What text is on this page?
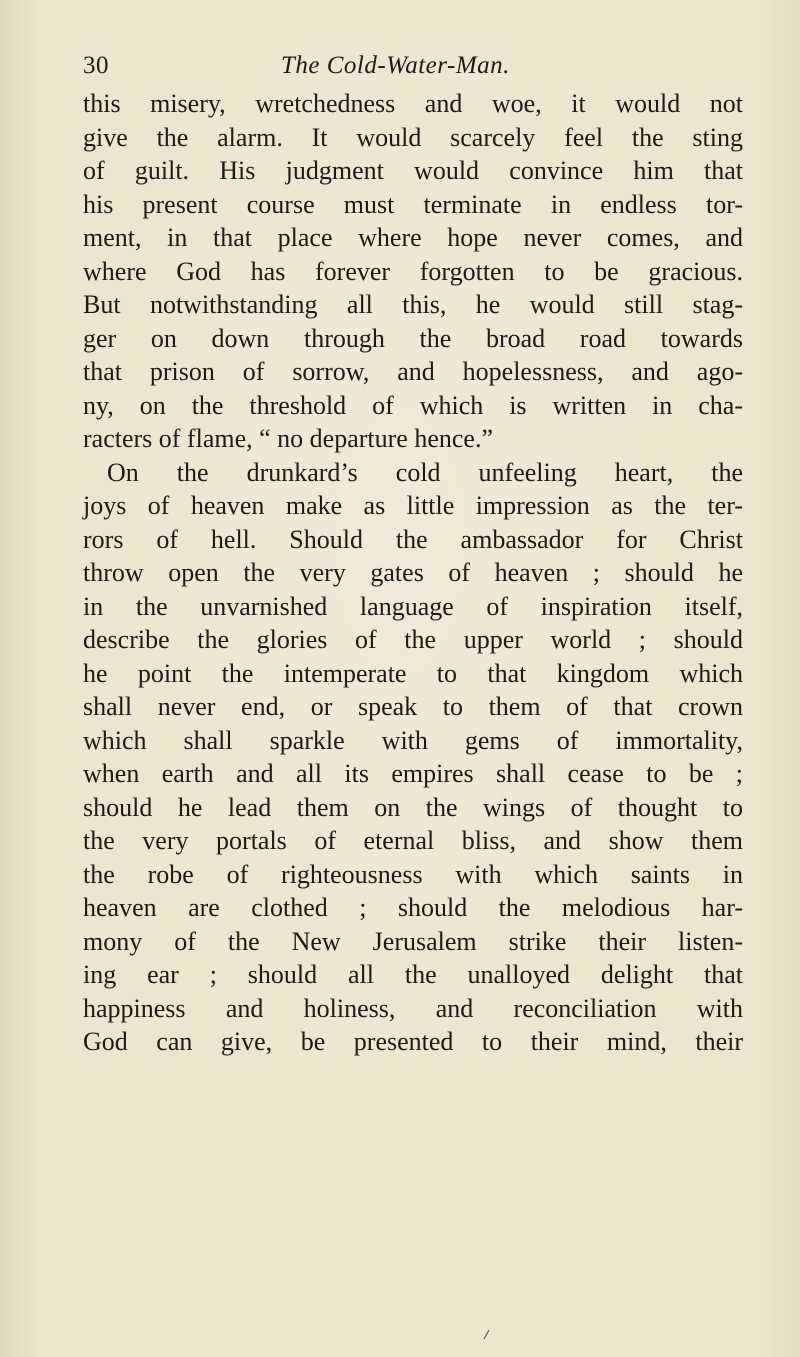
30	The Cold-Water-Man.
this misery, wretchedness and woe, it would not
give the alarm. It would scarcely feel the sting
of guilt. His judgment would convince him that
his present course must terminate in endless tor-
ment, in that place where hope never comes, and
where God has forever forgotten to be gracious.
But notwithstanding all this, he would still stag-
ger on down through the broad road towards
that prison of sorrow, and hopelessness, and ago-
ny, on the threshold of which is written in cha-
racters of flame, “ no departure hence.”
On the drunkard’s cold unfeeling heart, the
joys of heaven make as little impression as the ter-
rors of hell. Should the ambassador for Christ
throw open the very gates of heaven ; should he
in the unvarnished language of inspiration itself,
describe the glories of the upper world ; should
he point the intemperate to that kingdom which
shall never end, or speak to them of that crown
which shall sparkle with gems of immortality,
when earth and all its empires shall cease to be ;
should he lead them on the wings of thought to
the very portals of eternal bliss, and show them
the robe of righteousness with which saints in
heaven are clothed ; should the melodious har-
mony of the New Jerusalem strike their listen-
ing ear ; should all the unalloyed delight that
happiness and holiness, and reconciliation with
God can give, be presented to their mind, their
